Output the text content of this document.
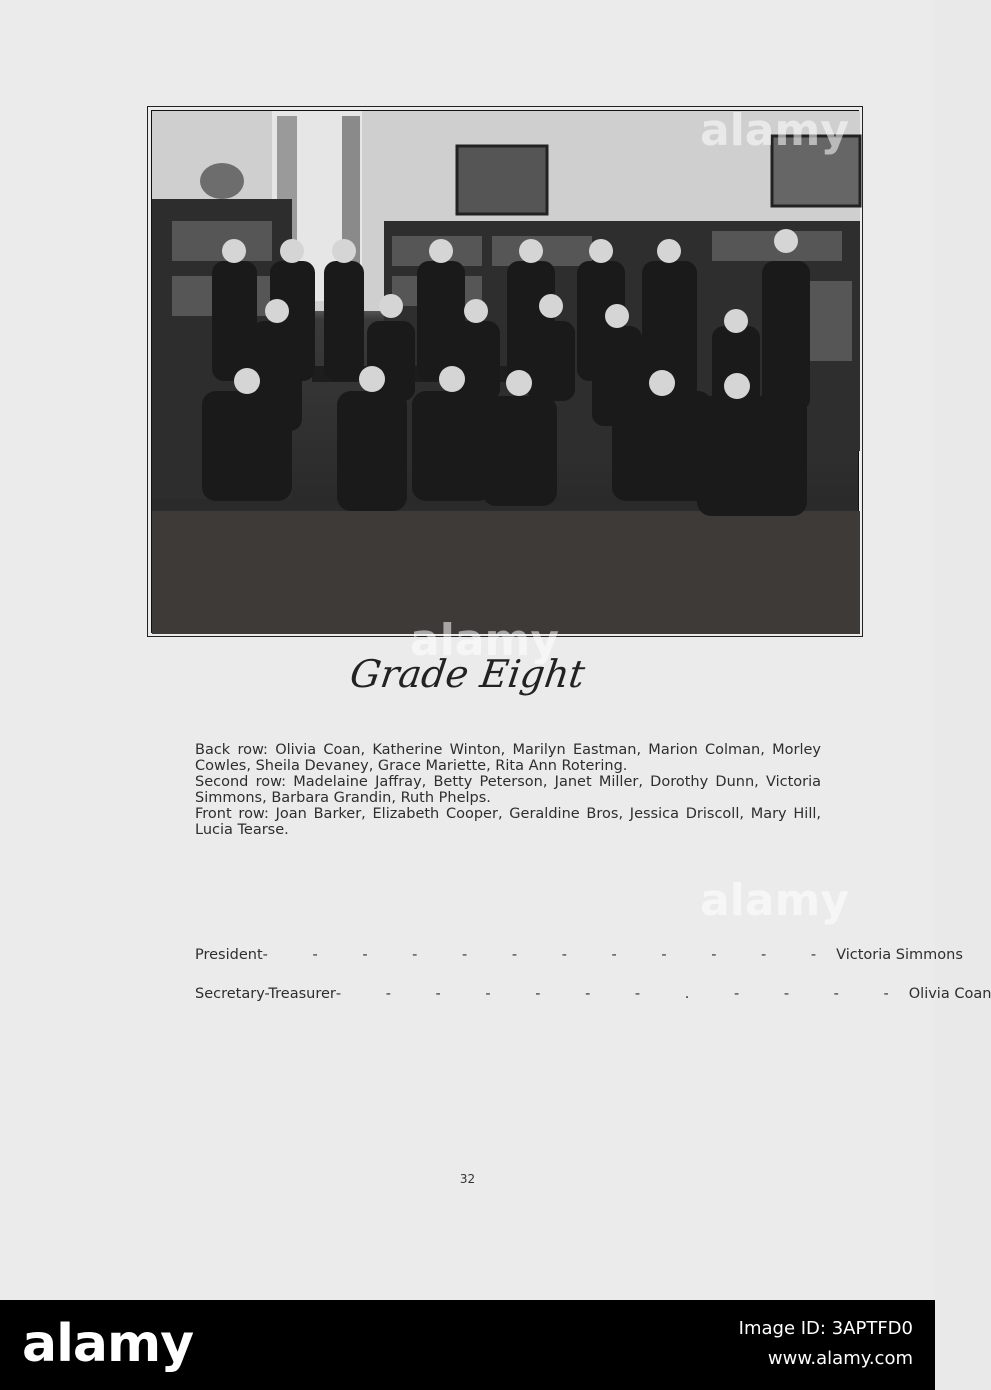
Grade Eight

Back row: Olivia Coan, Katherine Winton, Marilyn Eastman, Marion Colman, Morley Cowles, Sheila Devaney, Grace Mariette, Rita Ann Rotering.

Second row: Madelaine Jaffray, Betty Peterson, Janet Miller, Dorothy Dunn, Victoria Simmons, Barbara Grandin, Ruth Phelps.

Front row: Joan Barker, Elizabeth Cooper, Geraldine Bros, Jessica Driscoll, Mary Hill, Lucia Tearse.

President - - - - - - - - - - - - Victoria Simmons
Secretary-Treasurer - - - - - - - . - - - - Olivia Coan
32
alamy
alamy
alamy
alamy	Image ID: 3APTFD0
www.alamy.com
